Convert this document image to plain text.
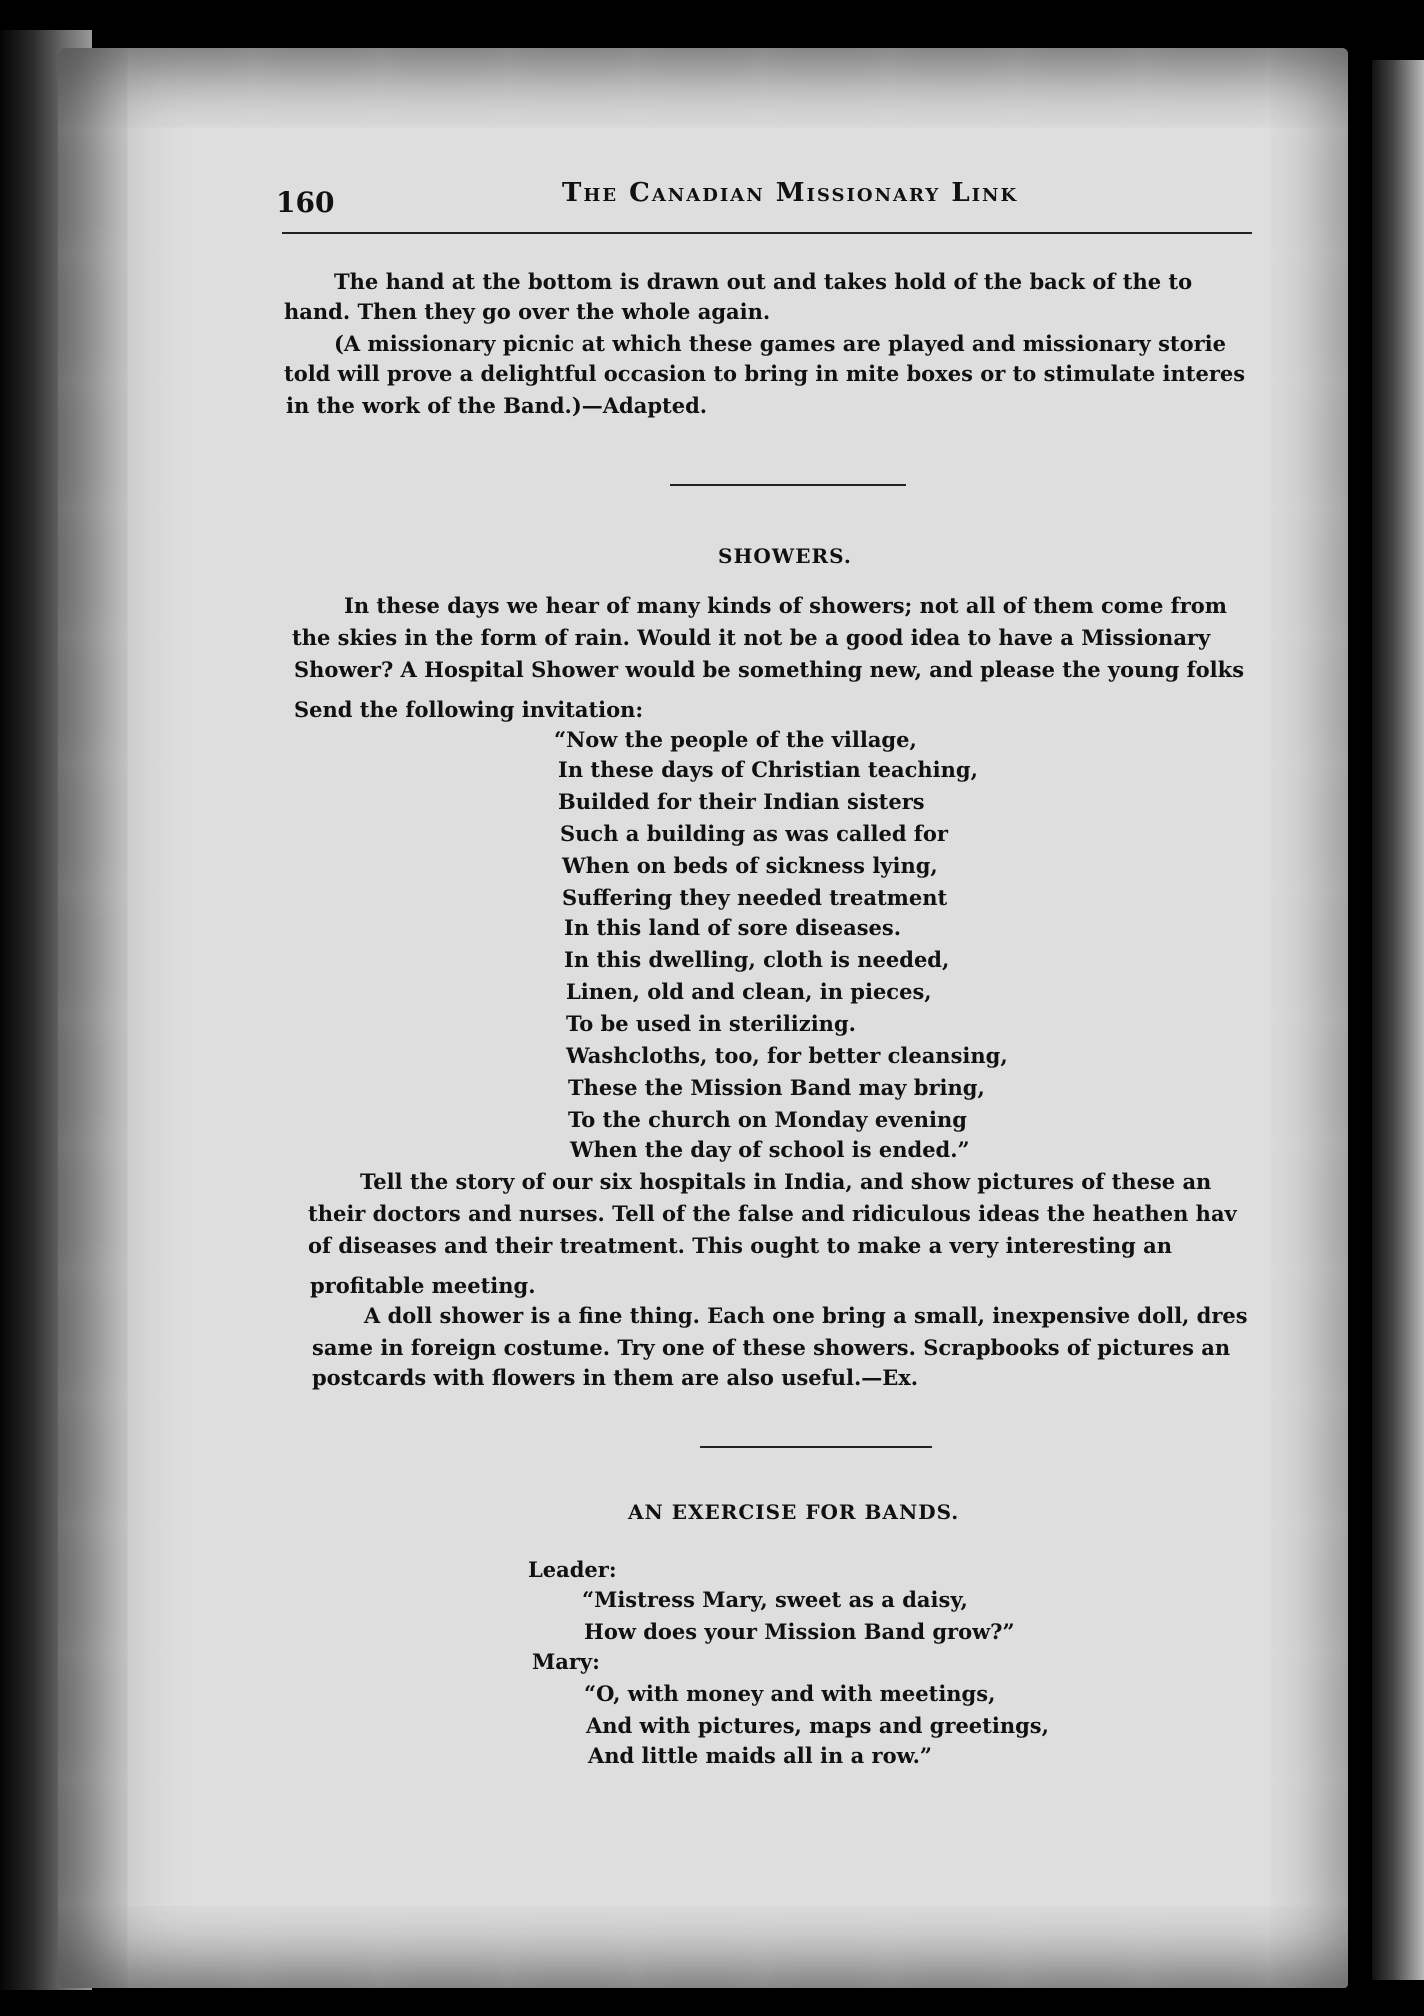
160	The Canadian Missionary Link
The hand at the bottom is drawn out and takes hold of the back of the to
hand. Then they go over the whole again.
(A missionary picnic at which these games are played and missionary storie
told will prove a delightful occasion to bring in mite boxes or to stimulate interes
in the work of the Band.)—Adapted.
SHOWERS.
In these days we hear of many kinds of showers; not all of them come from
the skies in the form of rain. Would it not be a good idea to have a Missionary
Shower? A Hospital Shower would be something new, and please the young folks
Send the following invitation:
“Now the people of the village,
In these days of Christian teaching,
Builded for their Indian sisters
Such a building as was called for
When on beds of sickness lying,
Suffering they needed treatment
In this land of sore diseases.
In this dwelling, cloth is needed,
Linen, old and clean, in pieces,
To be used in sterilizing.
Washcloths, too, for better cleansing,
These the Mission Band may bring,
To the church on Monday evening
When the day of school is ended.”
Tell the story of our six hospitals in India, and show pictures of these an
their doctors and nurses. Tell of the false and ridiculous ideas the heathen hav
of diseases and their treatment. This ought to make a very interesting an
profitable meeting.
A doll shower is a fine thing. Each one bring a small, inexpensive doll, dres
same in foreign costume. Try one of these showers. Scrapbooks of pictures an
postcards with flowers in them are also useful.—Ex.
AN EXERCISE FOR BANDS.
Leader:
“Mistress Mary, sweet as a daisy,
How does your Mission Band grow?”
Mary:
“O, with money and with meetings,
And with pictures, maps and greetings,
And little maids all in a row.”
